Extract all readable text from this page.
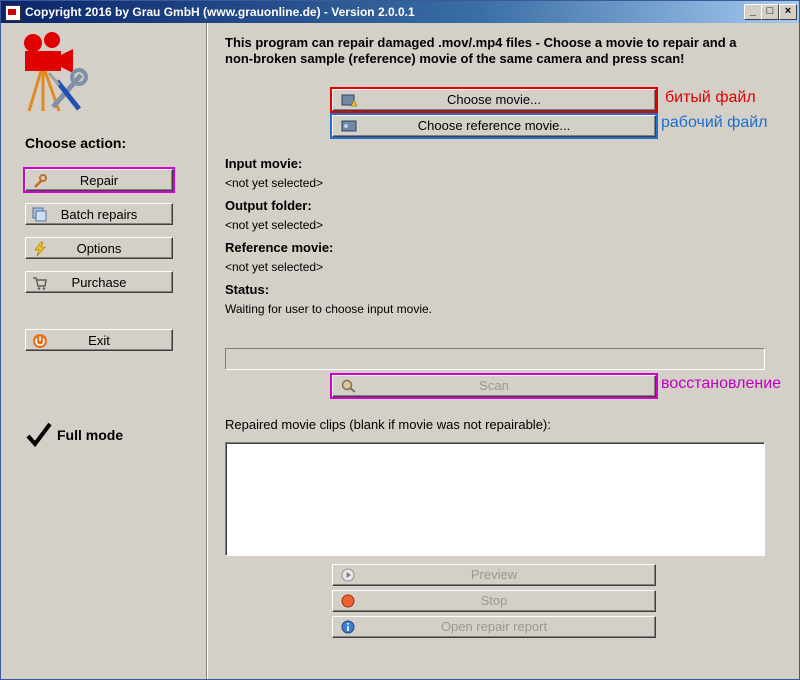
Copyright 2016 by Grau GmbH (www.grauonline.de) - Version 2.0.0.1	_ □	×
Choose action:
Repair
Batch repairs
Options
Purchase
Exit
Full mode
This program can repair damaged .mov/.mp4 files - Choose a movie to repair and a non-broken sample (reference) movie of the same camera and press scan!
Choose movie...	битый файл
Choose reference movie...	рабочий файл
Input movie:
<not yet selected>
Output folder:
<not yet selected>
Reference movie:
<not yet selected>
Status:
Waiting for user to choose input movie.
Scan	восстановление
Repaired movie clips (blank if movie was not repairable):
Preview
Stop
Open repair report
